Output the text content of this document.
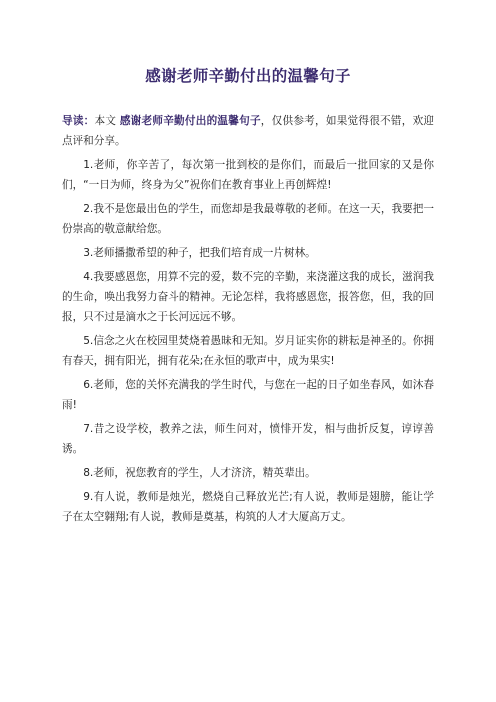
感谢老师辛勤付出的温馨句子

导读：本文 感谢老师辛勤付出的温馨句子，仅供参考，如果觉得很不错，欢迎点评和分享。

1.老师，你辛苦了，每次第一批到校的是你们，而最后一批回家的又是你们，“一日为师，终身为父”祝你们在教育事业上再创辉煌!

2.我不是您最出色的学生，而您却是我最尊敬的老师。在这一天，我要把一份崇高的敬意献给您。

3.老师播撒希望的种子，把我们培育成一片树林。

4.我要感恩您，用算不完的爱，数不完的辛勤，来浇灌这我的成长，滋润我的生命，唤出我努力奋斗的精神。无论怎样，我将感恩您，报答您，但，我的回报，只不过是滴水之于长河远远不够。

5.信念之火在校园里焚烧着愚昧和无知。岁月证实你的耕耘是神圣的。你拥有春天，拥有阳光，拥有花朵;在永恒的歌声中，成为果实!

6.老师，您的关怀充满我的学生时代，与您在一起的日子如坐春风，如沐春雨!

7.昔之设学校，教养之法，师生问对，愤悱开发，相与曲折反复，谆谆善诱。

8.老师，祝您教育的学生，人才济济，精英辈出。

9.有人说，教师是烛光，燃烧自己释放光芒;有人说，教师是翅膀，能让学子在太空翱翔;有人说，教师是奠基，构筑的人才大厦高万丈。
